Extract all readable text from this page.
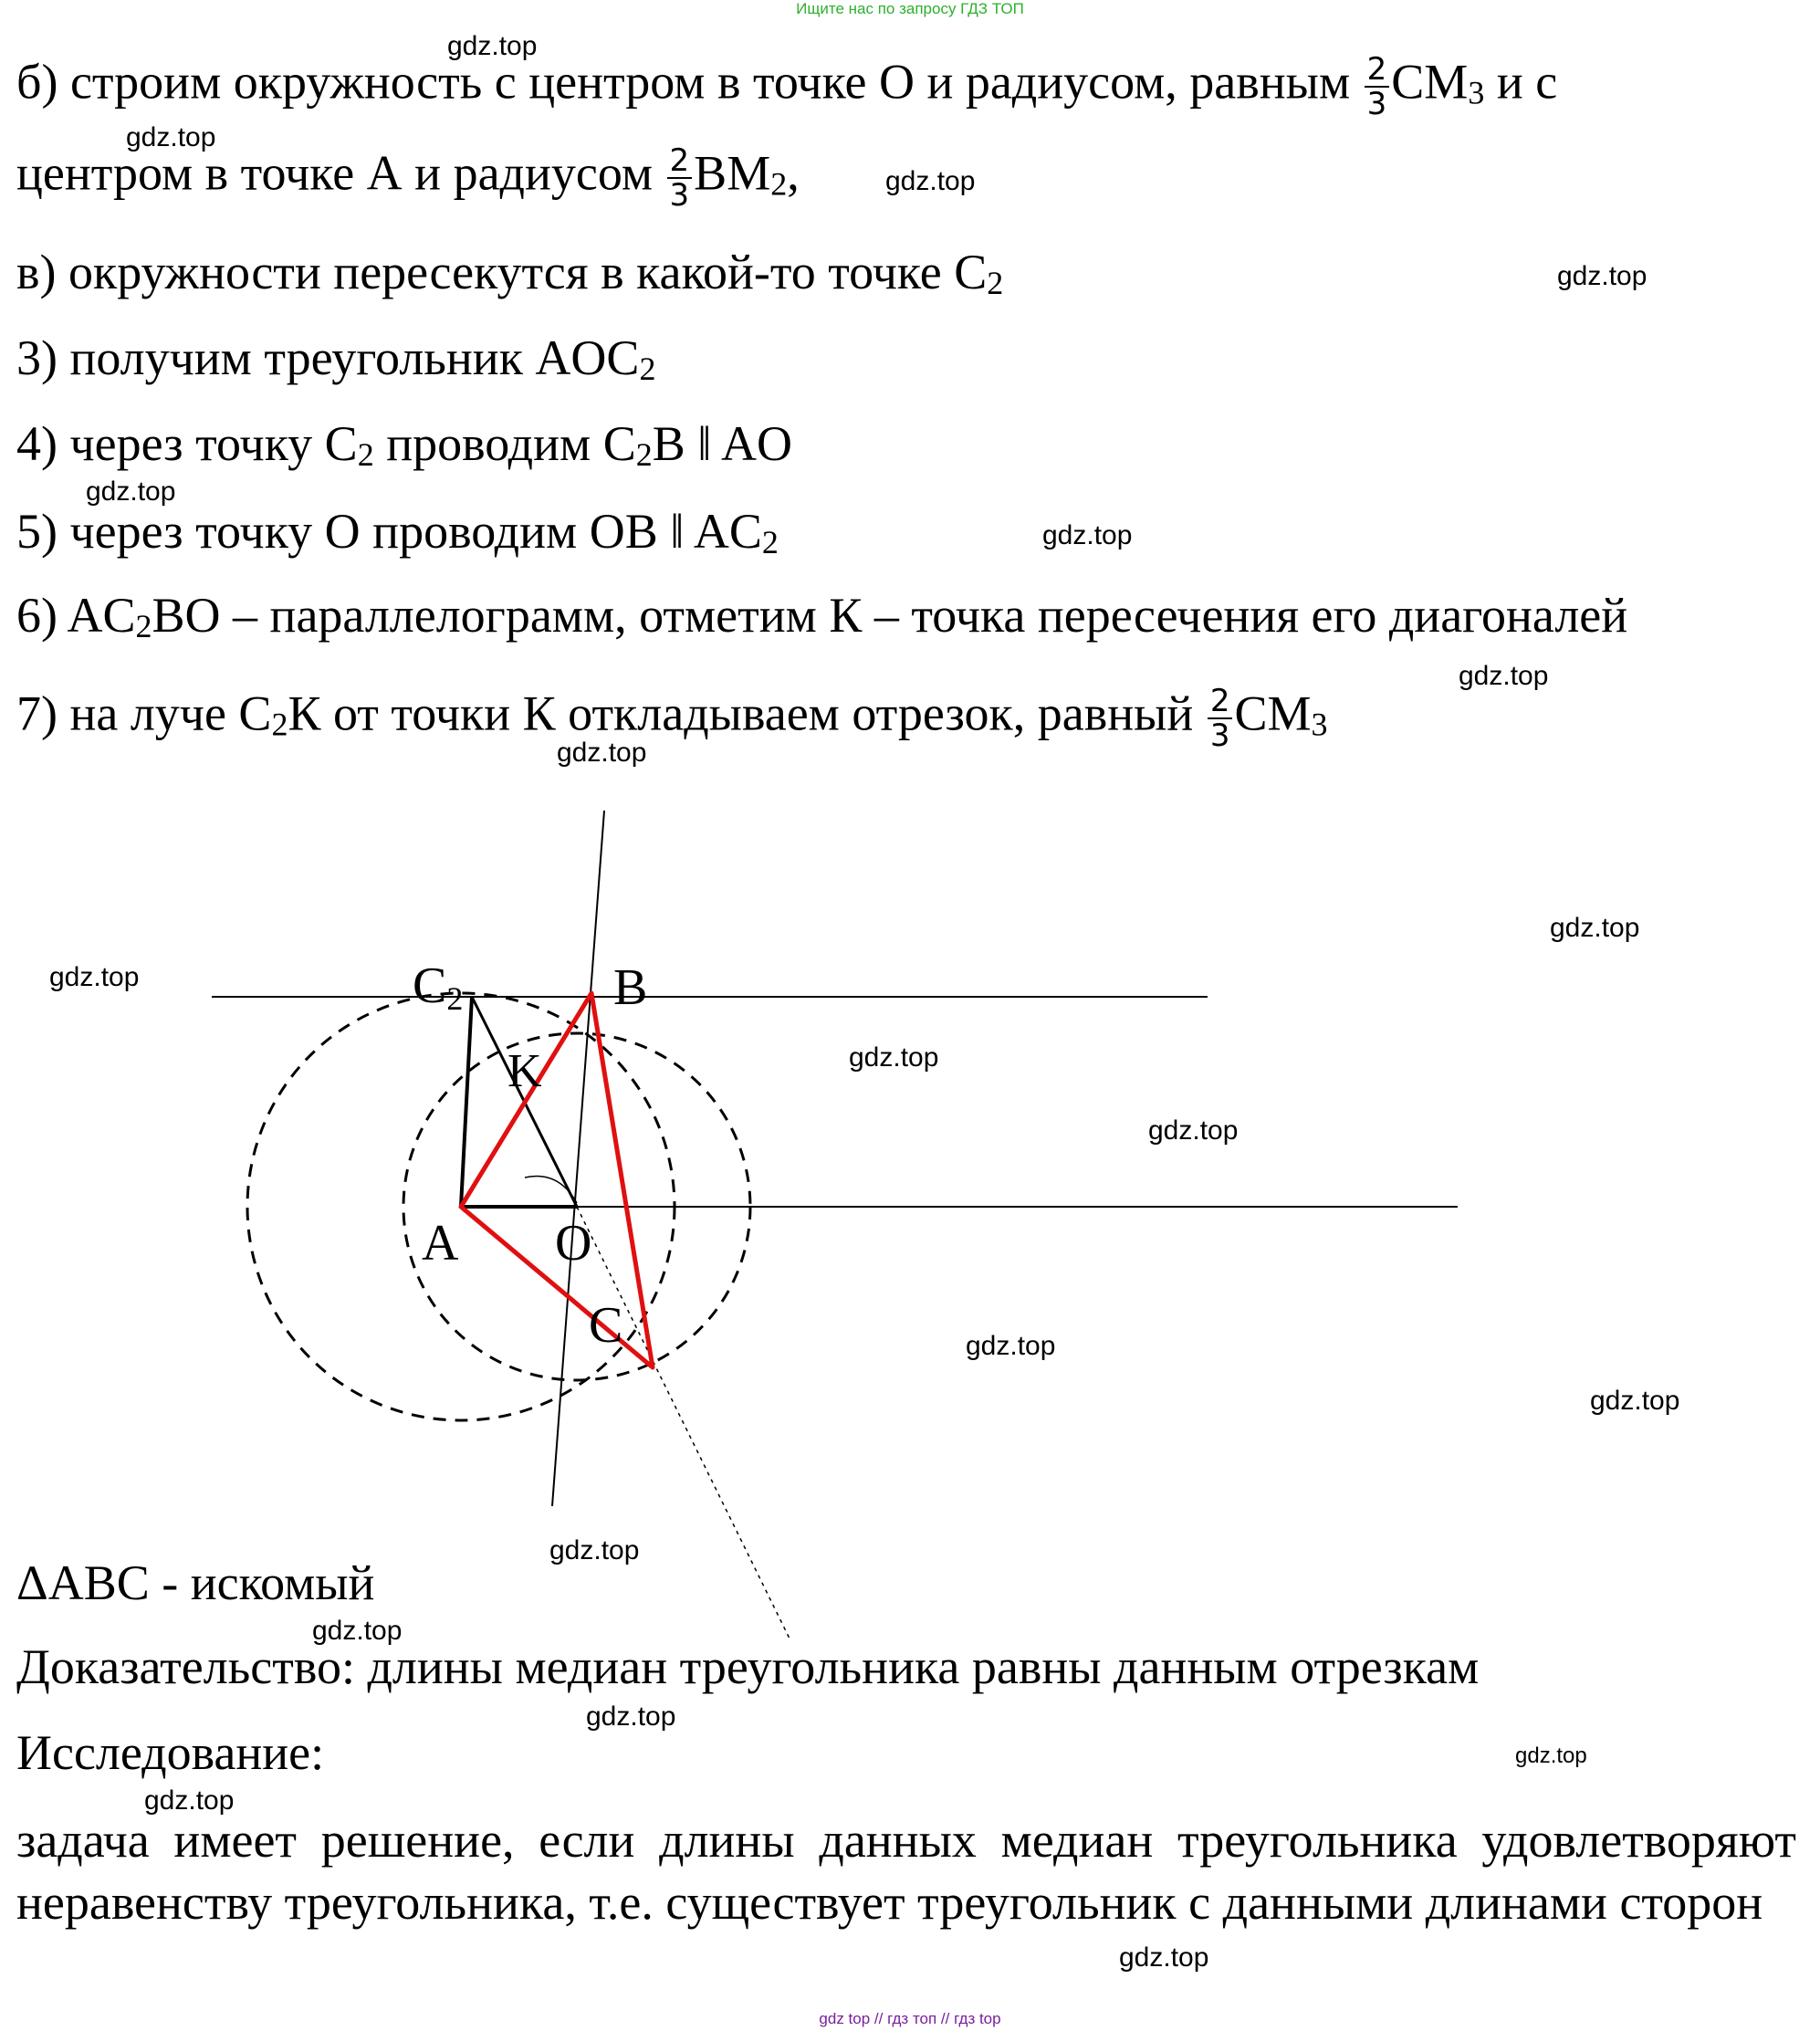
Ищите нас по запросу ГДЗ ТОП
б) строим окружность с центром в точке О и радиусом, равным $\frac{2}{3} CM_3$ и с
центром в точке А и радиусом $\frac{2}{3} BM_2$,
в) окружности пересекутся в какой-то точке $C_2$
3) получим треугольник $AOC_2$
4) через точку $C_2$ проводим $C_2B$ ‖ AO
5) через точку О проводим OB ‖ $AC_2$
6) $AC_2BO$ – параллелограмм, отметим К – точка пересечения его диагоналей
7) на луче $C_2К$ от точки К откладываем отрезок, равный $\frac{2}{3} CM_3$
C2	B
K
A O
C
ΔABC - искомый
Доказательство: длины медиан треугольника равны данным отрезкам
Исследование:
задача имеет решение, если длины данных медиан треугольника удовлетворяют неравенству треугольника, т.е. существует треугольник с данными длинами сторон
gdz.top
gdz.top
gdz.top
gdz.top
gdz.top
gdz.top
gdz.top
gdz.top
gdz.top
gdz.top
gdz.top
gdz.top
gdz.top
gdz.top
gdz.top
gdz.top
gdz.top
gdz.top
gdz.top
gdz.top
gdz top // гдз топ // гдз top
